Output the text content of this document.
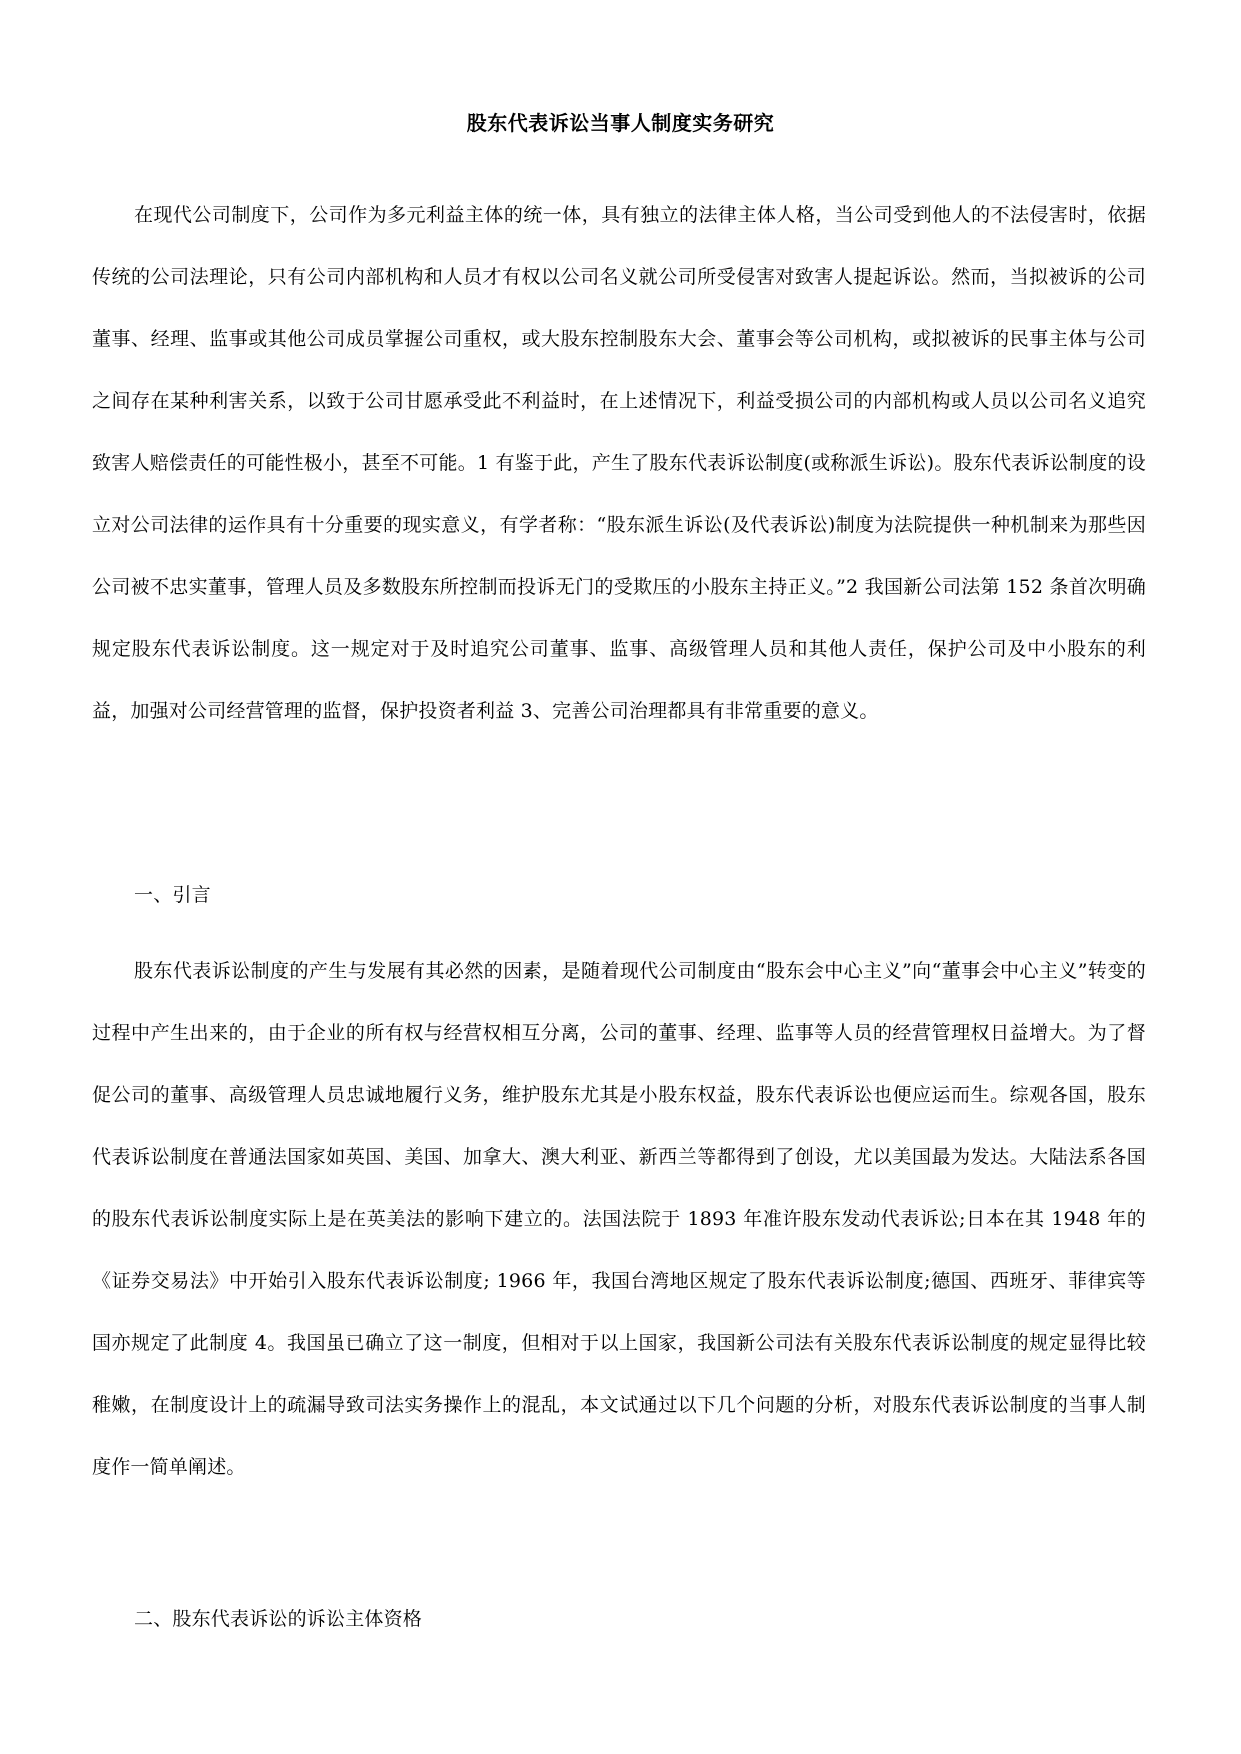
股东代表诉讼当事人制度实务研究

在现代公司制度下，公司作为多元利益主体的统一体，具有独立的法律主体人格，当公司受到他人的不法侵害时，依据传统的公司法理论，只有公司内部机构和人员才有权以公司名义就公司所受侵害对致害人提起诉讼。然而，当拟被诉的公司董事、经理、监事或其他公司成员掌握公司重权，或大股东控制股东大会、董事会等公司机构，或拟被诉的民事主体与公司之间存在某种利害关系，以致于公司甘愿承受此不利益时，在上述情况下，利益受损公司的内部机构或人员以公司名义追究致害人赔偿责任的可能性极小，甚至不可能。1 有鉴于此，产生了股东代表诉讼制度(或称派生诉讼)。股东代表诉讼制度的设立对公司法律的运作具有十分重要的现实意义，有学者称：“股东派生诉讼(及代表诉讼)制度为法院提供一种机制来为那些因公司被不忠实董事，管理人员及多数股东所控制而投诉无门的受欺压的小股东主持正义。”2 我国新公司法第 152 条首次明确规定股东代表诉讼制度。这一规定对于及时追究公司董事、监事、高级管理人员和其他人责任，保护公司及中小股东的利益，加强对公司经营管理的监督，保护投资者利益 3、完善公司治理都具有非常重要的意义。

一、引言

股东代表诉讼制度的产生与发展有其必然的因素，是随着现代公司制度由“股东会中心主义”向“董事会中心主义”转变的过程中产生出来的，由于企业的所有权与经营权相互分离，公司的董事、经理、监事等人员的经营管理权日益增大。为了督促公司的董事、高级管理人员忠诚地履行义务，维护股东尤其是小股东权益，股东代表诉讼也便应运而生。综观各国，股东代表诉讼制度在普通法国家如英国、美国、加拿大、澳大利亚、新西兰等都得到了创设，尤以美国最为发达。大陆法系各国的股东代表诉讼制度实际上是在英美法的影响下建立的。法国法院于 1893 年准许股东发动代表诉讼;日本在其 1948 年的《证券交易法》中开始引入股东代表诉讼制度; 1966 年，我国台湾地区规定了股东代表诉讼制度;德国、西班牙、菲律宾等国亦规定了此制度 4。我国虽已确立了这一制度，但相对于以上国家，我国新公司法有关股东代表诉讼制度的规定显得比较稚嫩，在制度设计上的疏漏导致司法实务操作上的混乱，本文试通过以下几个问题的分析，对股东代表诉讼制度的当事人制度作一简单阐述。

二、股东代表诉讼的诉讼主体资格
